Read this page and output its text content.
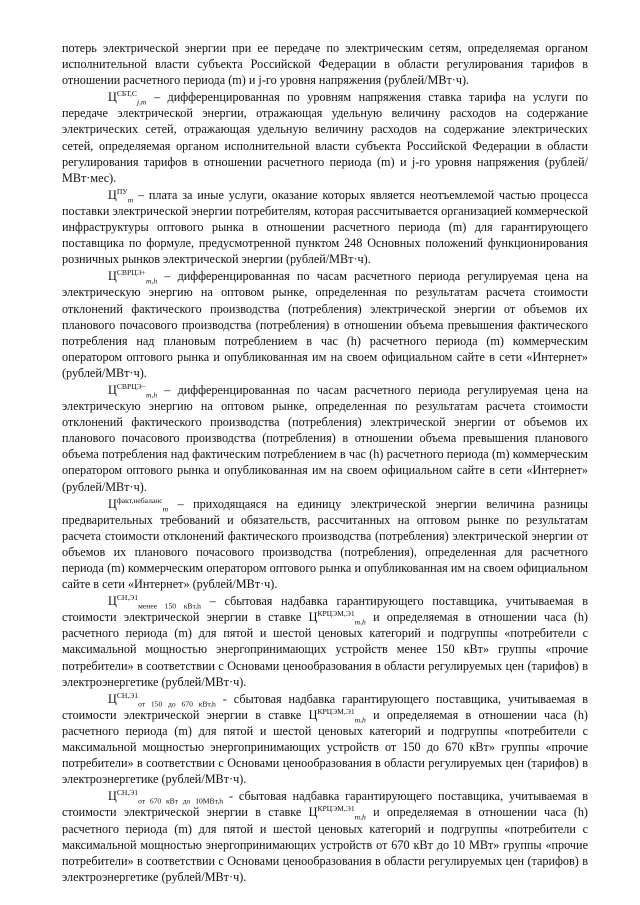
потерь электрической энергии при ее передаче по электрическим сетям, определяемая органом исполнительной власти субъекта Российской Федерации в области регулирования тарифов в отношении расчетного периода (m) и j-го уровня напряжения (рублей/МВт·ч).

$Ц^{СБТ,С}_{j,m}$ – дифференцированная по уровням напряжения ставка тарифа на услуги по передаче электрической энергии, отражающая удельную величину расходов на содержание электрических сетей, отражающая удельную величину расходов на содержание электрических сетей, определяемая органом исполнительной власти субъекта Российской Федерации в области регулирования тарифов в отношении расчетного периода (m) и j-го уровня напряжения (рублей/МВт·мес).

$Ц^{ПУ}_m$ – плата за иные услуги, оказание которых является неотъемлемой частью процесса поставки электрической энергии потребителям, которая рассчитывается организацией коммерческой инфраструктуры оптового рынка в отношении расчетного периода (m) для гарантирующего поставщика по формуле, предусмотренной пунктом 248 Основных положений функционирования розничных рынков электрической энергии (рублей/МВт·ч).

$Ц^{СВРЦЭ+}_{m,h}$ – дифференцированная по часам расчетного периода регулируемая цена на электрическую энергию на оптовом рынке, определенная по результатам расчета стоимости отклонений фактического производства (потребления) электрической энергии от объемов их планового почасового производства (потребления) в отношении объема превышения фактического потребления над плановым потреблением в час (h) расчетного периода (m) коммерческим оператором оптового рынка и опубликованная им на своем официальном сайте в сети «Интернет» (рублей/МВт·ч).

$Ц^{СВРЦЭ-}_{m,h}$ – дифференцированная по часам расчетного периода регулируемая цена на электрическую энергию на оптовом рынке, определенная по результатам расчета стоимости отклонений фактического производства (потребления) электрической энергии от объемов их планового почасового производства (потребления) в отношении объема превышения планового объема потребления над фактическим потреблением в час (h) расчетного периода (m) коммерческим оператором оптового рынка и опубликованная им на своем официальном сайте в сети «Интернет» (рублей/МВт·ч).

$Ц^{факт,небаланс}_m$ – приходящаяся на единицу электрической энергии величина разницы предварительных требований и обязательств, рассчитанных на оптовом рынке по результатам расчета стоимости отклонений фактического производства (потребления) электрической энергии от объемов их планового почасового производства (потребления), определенная для расчетного периода (m) коммерческим оператором оптового рынка и опубликованная им на своем официальном сайте в сети «Интернет» (рублей/МВт·ч).

$Ц^{СН,Э1}_{менее 150 кВт,h}$ – сбытовая надбавка гарантирующего поставщика, учитываемая в стоимости электрической энергии в ставке $Ц^{КРЦЭМ,Э1}_{m,h}$ и определяемая в отношении часа (h) расчетного периода (m) для пятой и шестой ценовых категорий и подгруппы «потребители с максимальной мощностью энергопринимающих устройств менее 150 кВт» группы «прочие потребители» в соответствии с Основами ценообразования в области регулируемых цен (тарифов) в электроэнергетике (рублей/МВт·ч).

$Ц^{СН,Э1}_{от 150 до 670 кВт,h}$ - сбытовая надбавка гарантирующего поставщика, учитываемая в стоимости электрической энергии в ставке $Ц^{КРЦЭМ,Э1}_{m,h}$ и определяемая в отношении часа (h) расчетного периода (m) для пятой и шестой ценовых категорий и подгруппы «потребители с максимальной мощностью энергопринимающих устройств от 150 до 670 кВт» группы «прочие потребители» в соответствии с Основами ценообразования в области регулируемых цен (тарифов) в электроэнергетике (рублей/МВт·ч).

$Ц^{СН,Э1}_{от 670 кВт до 10МВт,h}$ - сбытовая надбавка гарантирующего поставщика, учитываемая в стоимости электрической энергии в ставке $Ц^{КРЦЭМ,Э1}_{m,h}$ и определяемая в отношении часа (h) расчетного периода (m) для пятой и шестой ценовых категорий и подгруппы «потребители с максимальной мощностью энергопринимающих устройств от 670 кВт до 10 МВт» группы «прочие потребители» в соответствии с Основами ценообразования в области регулируемых цен (тарифов) в электроэнергетике (рублей/МВт·ч).
